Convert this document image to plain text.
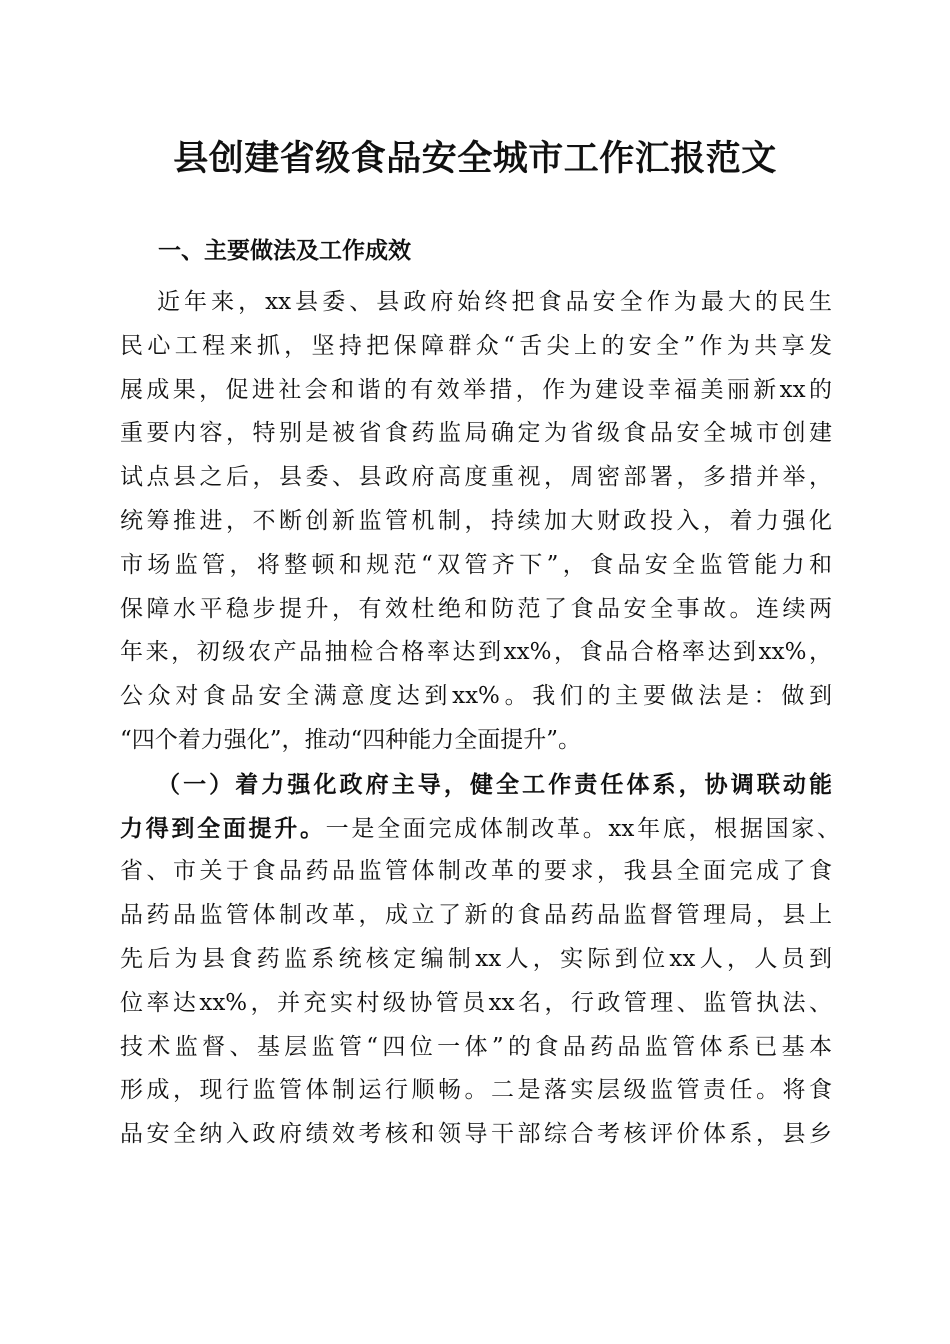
县创建省级食品安全城市工作汇报范文
一、主要做法及工作成效
近年来，xx县委、县政府始终把食品安全作为最大的民生
民心工程来抓，坚持把保障群众“舌尖上的安全”作为共享发
展成果，促进社会和谐的有效举措，作为建设幸福美丽新xx的
重要内容，特别是被省食药监局确定为省级食品安全城市创建
试点县之后，县委、县政府高度重视，周密部署，多措并举，
统筹推进，不断创新监管机制，持续加大财政投入，着力强化
市场监管，将整顿和规范“双管齐下”，食品安全监管能力和
保障水平稳步提升，有效杜绝和防范了食品安全事故。连续两
年来，初级农产品抽检合格率达到xx%，食品合格率达到xx%，
公众对食品安全满意度达到xx%。我们的主要做法是：做到
“四个着力强化”，推动“四种能力全面提升”。
（一）着力强化政府主导，健全工作责任体系，协调联动能
力得到全面提升。一是全面完成体制改革。xx年底，根据国家、
省、市关于食品药品监管体制改革的要求，我县全面完成了食
品药品监管体制改革，成立了新的食品药品监督管理局，县上
先后为县食药监系统核定编制xx人，实际到位xx人，人员到
位率达xx%，并充实村级协管员xx名，行政管理、监管执法、
技术监督、基层监管“四位一体”的食品药品监管体系已基本
形成，现行监管体制运行顺畅。二是落实层级监管责任。将食
品安全纳入政府绩效考核和领导干部综合考核评价体系，县乡
